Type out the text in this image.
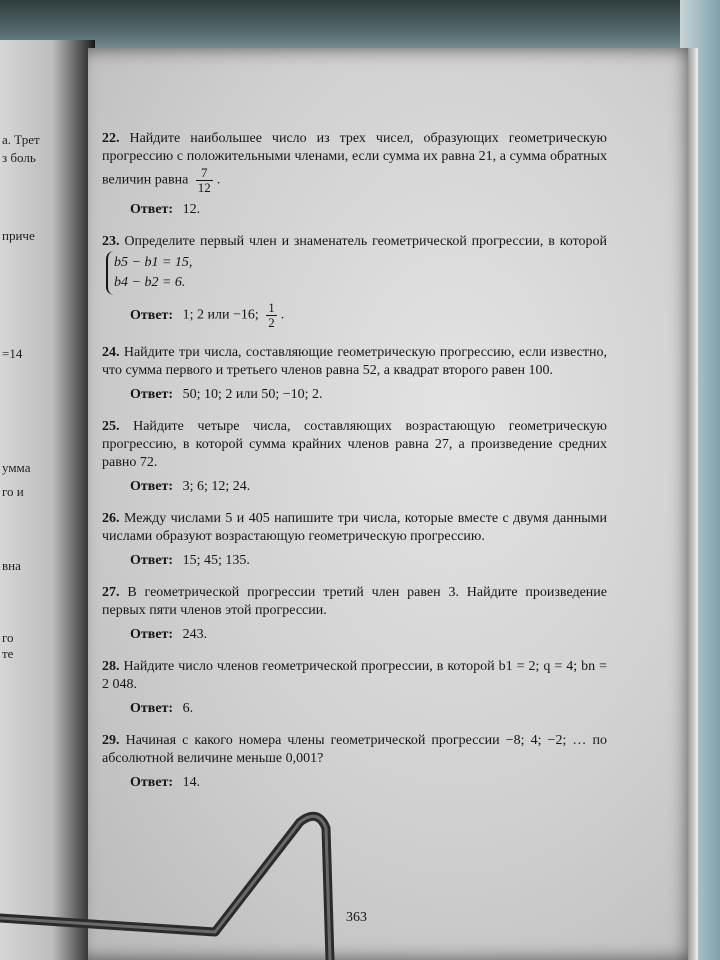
а. Трет
з боль
приче
=14
умма
го и
вна
го
те

22. Найдите наибольшее число из трех чисел, образующих геометрическую прогрессию с положительными членами, если сумма их равна 21, а сумма обратных величин равна $\frac{7}{12}$ .

Ответ: 12.

23. Определите первый член и знаменатель геометрической прогрессии, в которой
b5 − b1 = 15,
b4 − b2 = 6.

Ответ: 1; 2 или −16; $\frac{1}{2}$ .

24. Найдите три числа, составляющие геометрическую прогрессию, если известно, что сумма первого и третьего членов равна 52, а квадрат второго равен 100.

Ответ: 50; 10; 2 или 50; −10; 2.

25. Найдите четыре числа, составляющих возрастающую геометрическую прогрессию, в которой сумма крайних членов равна 27, а произведение средних равно 72.

Ответ: 3; 6; 12; 24.

26. Между числами 5 и 405 напишите три числа, которые вместе с двумя данными числами образуют возрастающую геометрическую прогрессию.

Ответ: 15; 45; 135.

27. В геометрической прогрессии третий член равен 3. Найдите произведение первых пяти членов этой прогрессии.

Ответ: 243.

28. Найдите число членов геометрической прогрессии, в которой b1 = 2; q = 4; bn = 2 048.

Ответ: 6.

29. Начиная с какого номера члены геометрической прогрессии −8; 4; −2; … по абсолютной величине меньше 0,001?

Ответ: 14.
363
